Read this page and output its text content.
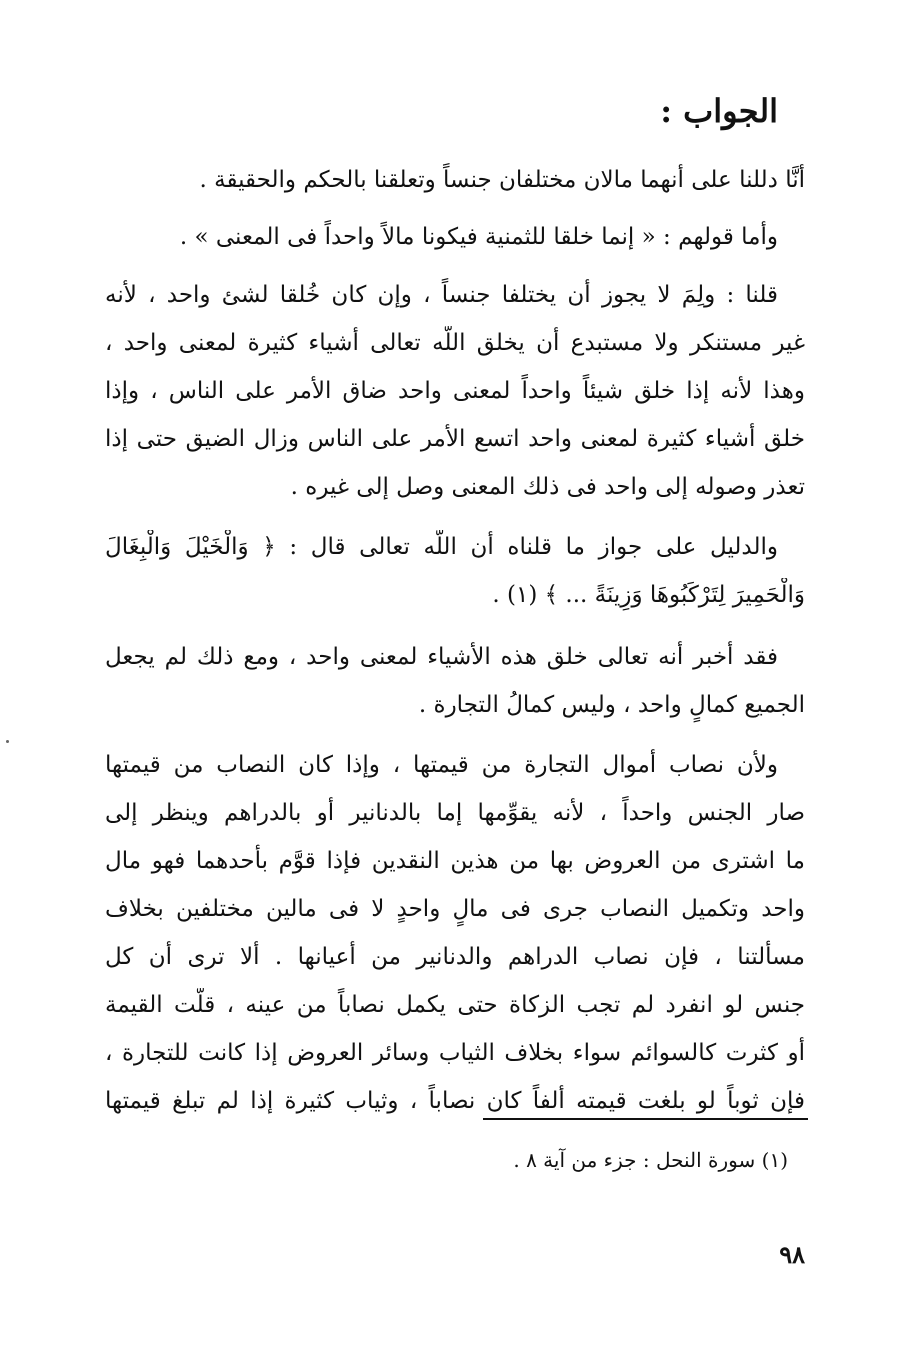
الجواب :
أنَّا دللنا على أنهما مالان مختلفان جنساً وتعلقنا بالحكم والحقيقة .
وأما قولهم : « إنما خلقا للثمنية فيكونا مالاً واحداً فى المعنى » .
قلنا : ولِمَ لا يجوز أن يختلفا جنساً ، وإن كان خُلقا لشئ واحد ، لأنه
غير مستنكر ولا مستبدع أن يخلق اللّه تعالى أشياء كثيرة لمعنى واحد ،
وهذا لأنه إذا خلق شيئاً واحداً لمعنى واحد ضاق الأمر على الناس ، وإذا
خلق أشياء كثيرة لمعنى واحد اتسع الأمر على الناس وزال الضيق حتى إذا
تعذر وصوله إلى واحد فى ذلك المعنى وصل إلى غيره .
والدليل على جواز ما قلناه أن اللّه تعالى قال : ﴿ وَالْخَيْلَ وَالْبِغَالَ
وَالْحَمِيرَ لِتَرْكَبُوهَا وَزِينَةً ... ﴾ (١) .
فقد أخبر أنه تعالى خلق هذه الأشياء لمعنى واحد ، ومع ذلك لم يجعل
الجميع كمالٍ واحد ، وليس كمالُ التجارة .
ولأن نصاب أموال التجارة من قيمتها ، وإذا كان النصاب من قيمتها
صار الجنس واحداً ، لأنه يقوِّمها إما بالدنانير أو بالدراهم وينظر إلى
ما اشترى من العروض بها من هذين النقدين فإذا قوَّم بأحدهما فهو مال
واحد وتكميل النصاب جرى فى مالٍ واحدٍ لا فى مالين مختلفين بخلاف
مسألتنا ، فإن نصاب الدراهم والدنانير من أعيانها . ألا ترى أن كل
جنس لو انفرد لم تجب الزكاة حتى يكمل نصاباً من عينه ، قلَّت القيمة
أو كثرت كالسوائم سواء بخلاف الثياب وسائر العروض إذا كانت للتجارة ،
فإن ثوباً لو بلغت قيمته ألفاً كان نصاباً ، وثياب كثيرة إذا لم تبلغ قيمتها
(١) سورة النحل : جزء من آية ٨ .
٩٨
